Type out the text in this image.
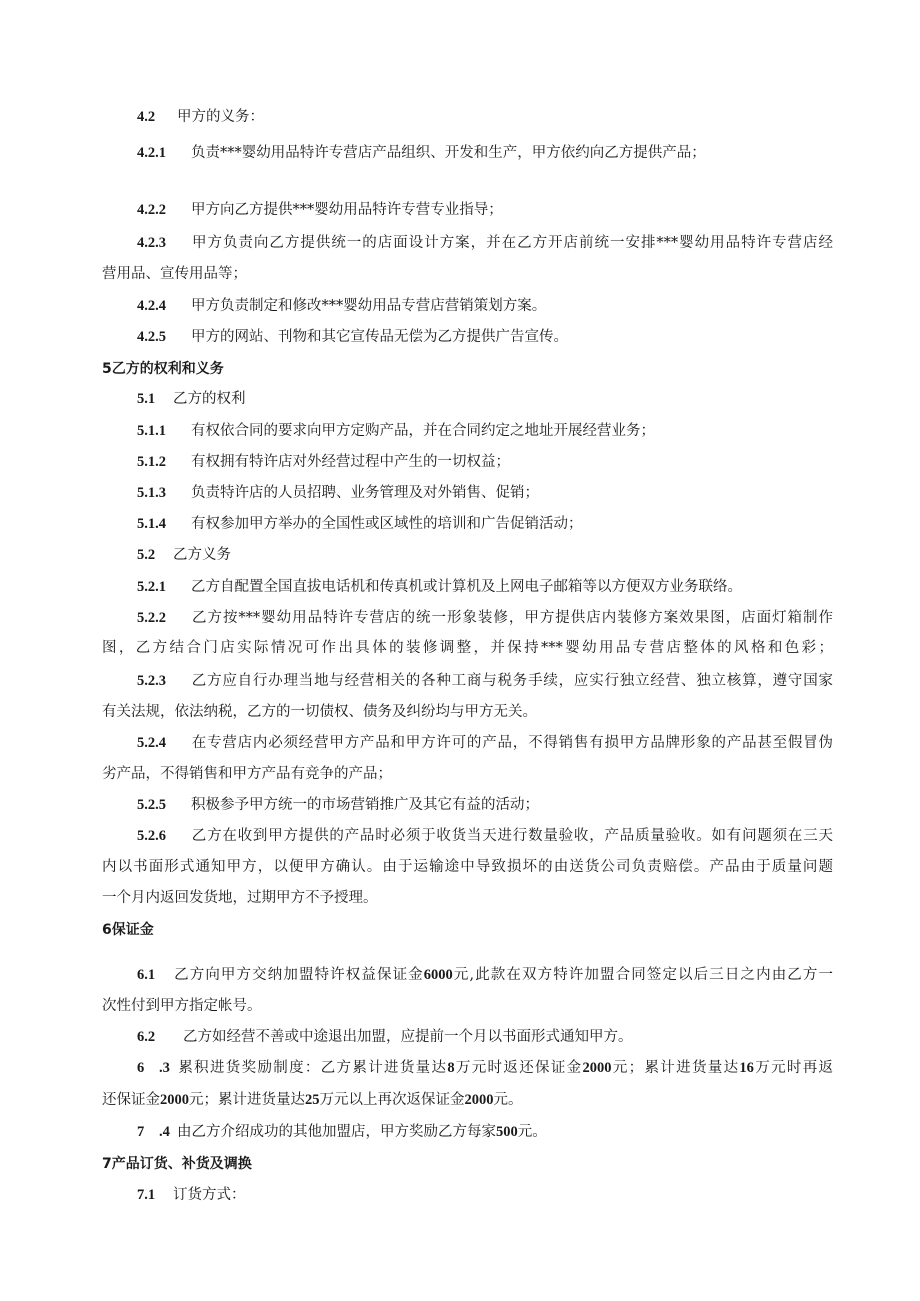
4.2 甲方的义务：
4.2.1 负责***婴幼用品特许专营店产品组织、开发和生产，甲方依约向乙方提供产品；
4.2.2 甲方向乙方提供***婴幼用品特许专营专业指导；
4.2.3 甲方负责向乙方提供统一的店面设计方案，并在乙方开店前统一安排***婴幼用品特许专营店经
营用品、宣传用品等；
4.2.4 甲方负责制定和修改***婴幼用品专营店营销策划方案。
4.2.5 甲方的网站、刊物和其它宣传品无偿为乙方提供广告宣传。
5乙方的权利和义务
5.1 乙方的权利
5.1.1 有权依合同的要求向甲方定购产品，并在合同约定之地址开展经营业务；
5.1.2 有权拥有特许店对外经营过程中产生的一切权益；
5.1.3 负责特许店的人员招聘、业务管理及对外销售、促销；
5.1.4 有权参加甲方举办的全国性或区域性的培训和广告促销活动；
5.2 乙方义务
5.2.1 乙方自配置全国直拔电话机和传真机或计算机及上网电子邮箱等以方便双方业务联络。
5.2.2 乙方按***婴幼用品特许专营店的统一形象装修，甲方提供店内装修方案效果图，店面灯箱制作
图，乙方结合门店实际情况可作出具体的装修调整，并保持***婴幼用品专营店整体的风格和色彩；
5.2.3 乙方应自行办理当地与经营相关的各种工商与税务手续，应实行独立经营、独立核算，遵守国家
有关法规，依法纳税，乙方的一切债权、债务及纠纷均与甲方无关。
5.2.4 在专营店内必须经营甲方产品和甲方许可的产品，不得销售有损甲方品牌形象的产品甚至假冒伪
劣产品，不得销售和甲方产品有竞争的产品；
5.2.5 积极参予甲方统一的市场营销推广及其它有益的活动；
5.2.6 乙方在收到甲方提供的产品时必须于收货当天进行数量验收，产品质量验收。如有问题须在三天
内以书面形式通知甲方，以便甲方确认。由于运输途中导致损坏的由送货公司负责赔偿。产品由于质量问题
一个月内返回发货地，过期甲方不予授理。
6保证金
6.1 乙方向甲方交纳加盟特许权益保证金6000元,此款在双方特许加盟合同签定以后三日之内由乙方一
次性付到甲方指定帐号。
6.2 乙方如经营不善或中途退出加盟，应提前一个月以书面形式通知甲方。
6 .3 累积进货奖励制度：乙方累计进货量达8万元时返还保证金2000元；累计进货量达16万元时再返
还保证金2000元；累计进货量达25万元以上再次返保证金2000元。
7 .4 由乙方介绍成功的其他加盟店，甲方奖励乙方每家500元。
7产品订货、补货及调换
7.1 订货方式：
